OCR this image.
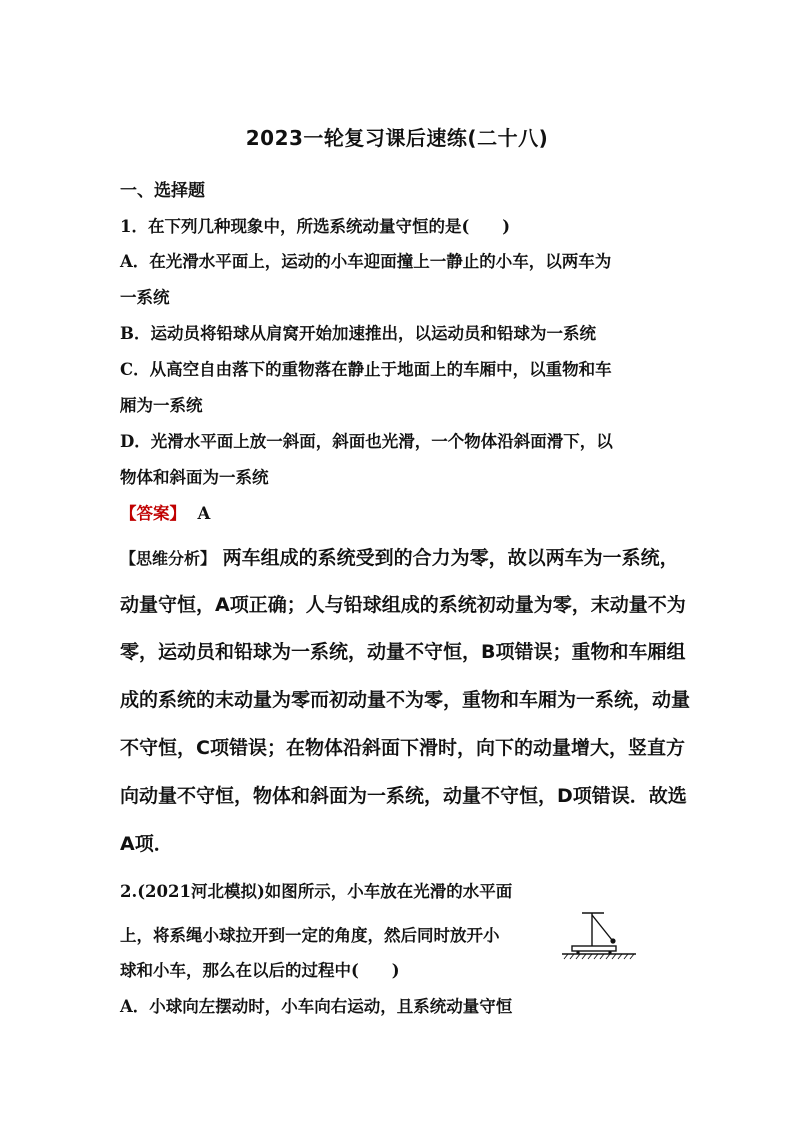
2023一轮复习课后速练(二十八)
一、选择题
1．在下列几种现象中，所选系统动量守恒的是(　　)
A．在光滑水平面上，运动的小车迎面撞上一静止的小车，以两车为
一系统
B．运动员将铅球从肩窝开始加速推出，以运动员和铅球为一系统
C．从高空自由落下的重物落在静止于地面上的车厢中，以重物和车
厢为一系统
D．光滑水平面上放一斜面，斜面也光滑，一个物体沿斜面滑下，以
物体和斜面为一系统
【答案】 A
【思维分析】 两车组成的系统受到的合力为零，故以两车为一系统，
动量守恒，A项正确；人与铅球组成的系统初动量为零，末动量不为
零，运动员和铅球为一系统，动量不守恒，B项错误；重物和车厢组
成的系统的末动量为零而初动量不为零，重物和车厢为一系统，动量
不守恒，C项错误；在物体沿斜面下滑时，向下的动量增大，竖直方
向动量不守恒，物体和斜面为一系统，动量不守恒，D项错误．故选
A项．
2.(2021河北模拟)如图所示，小车放在光滑的水平面
上，将系绳小球拉开到一定的角度，然后同时放开小
球和小车，那么在以后的过程中(　　)
A．小球向左摆动时，小车向右运动，且系统动量守恒
